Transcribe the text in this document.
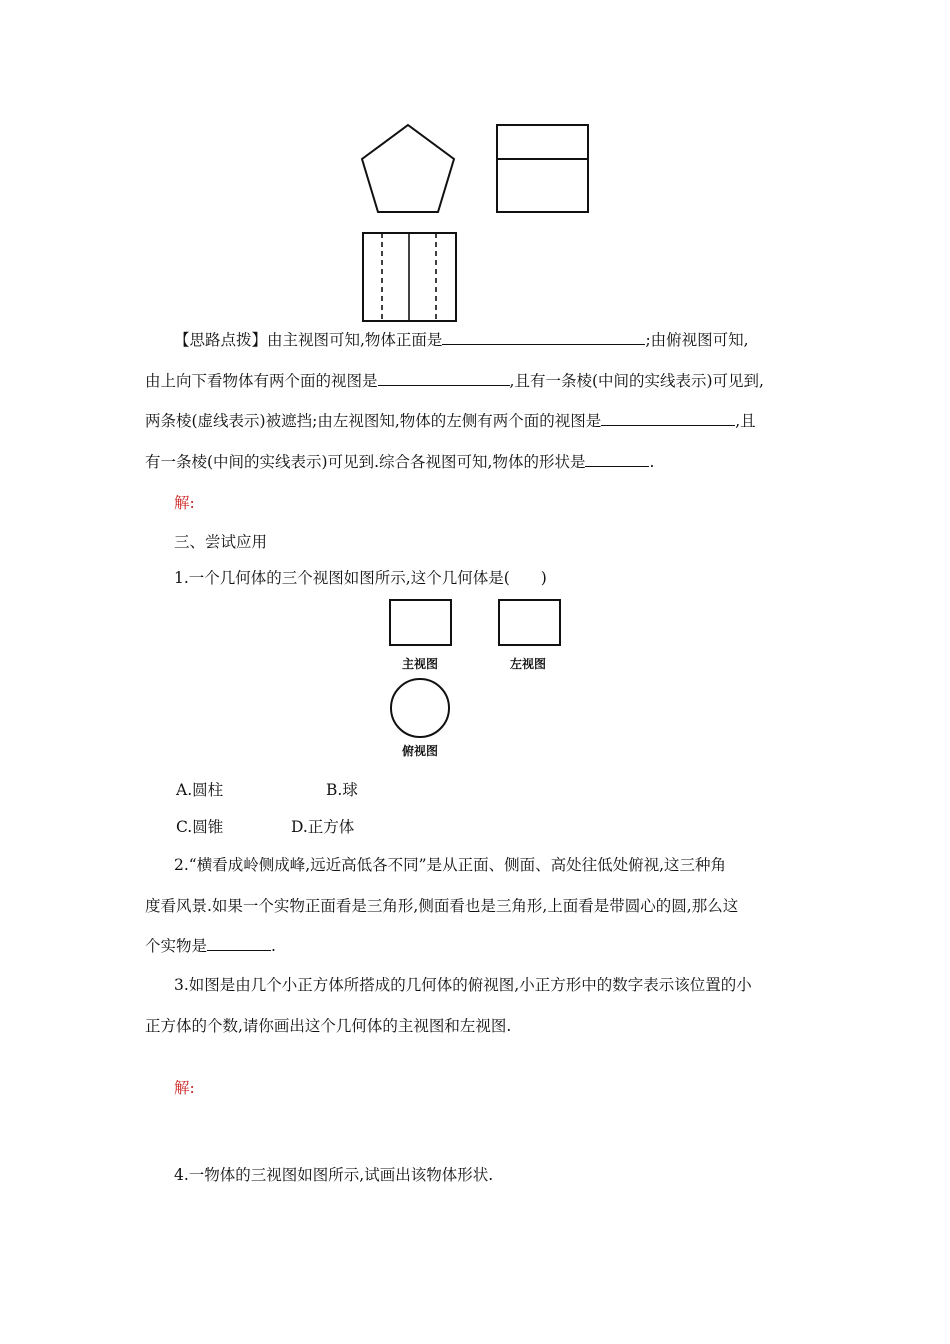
【思路点拨】由主视图可知,物体正面是	;由俯视图可知,
由上向下看物体有两个面的视图是	,且有一条棱(中间的实线表示)可见到,
两条棱(虚线表示)被遮挡;由左视图知,物体的左侧有两个面的视图是	,且
有一条棱(中间的实线表示)可见到.综合各视图可知,物体的形状是	.
解:
三、尝试应用
1.一个几何体的三个视图如图所示,这个几何体是(　　)
主视图	左视图
俯视图
A.圆柱	B.球
C.圆锥	D.正方体
2.“横看成岭侧成峰,远近高低各不同”是从正面、侧面、高处往低处俯视,这三种角
度看风景.如果一个实物正面看是三角形,侧面看也是三角形,上面看是带圆心的圆,那么这
个实物是	.
3.如图是由几个小正方体所搭成的几何体的俯视图,小正方形中的数字表示该位置的小
正方体的个数,请你画出这个几何体的主视图和左视图.
解:
4.一物体的三视图如图所示,试画出该物体形状.
